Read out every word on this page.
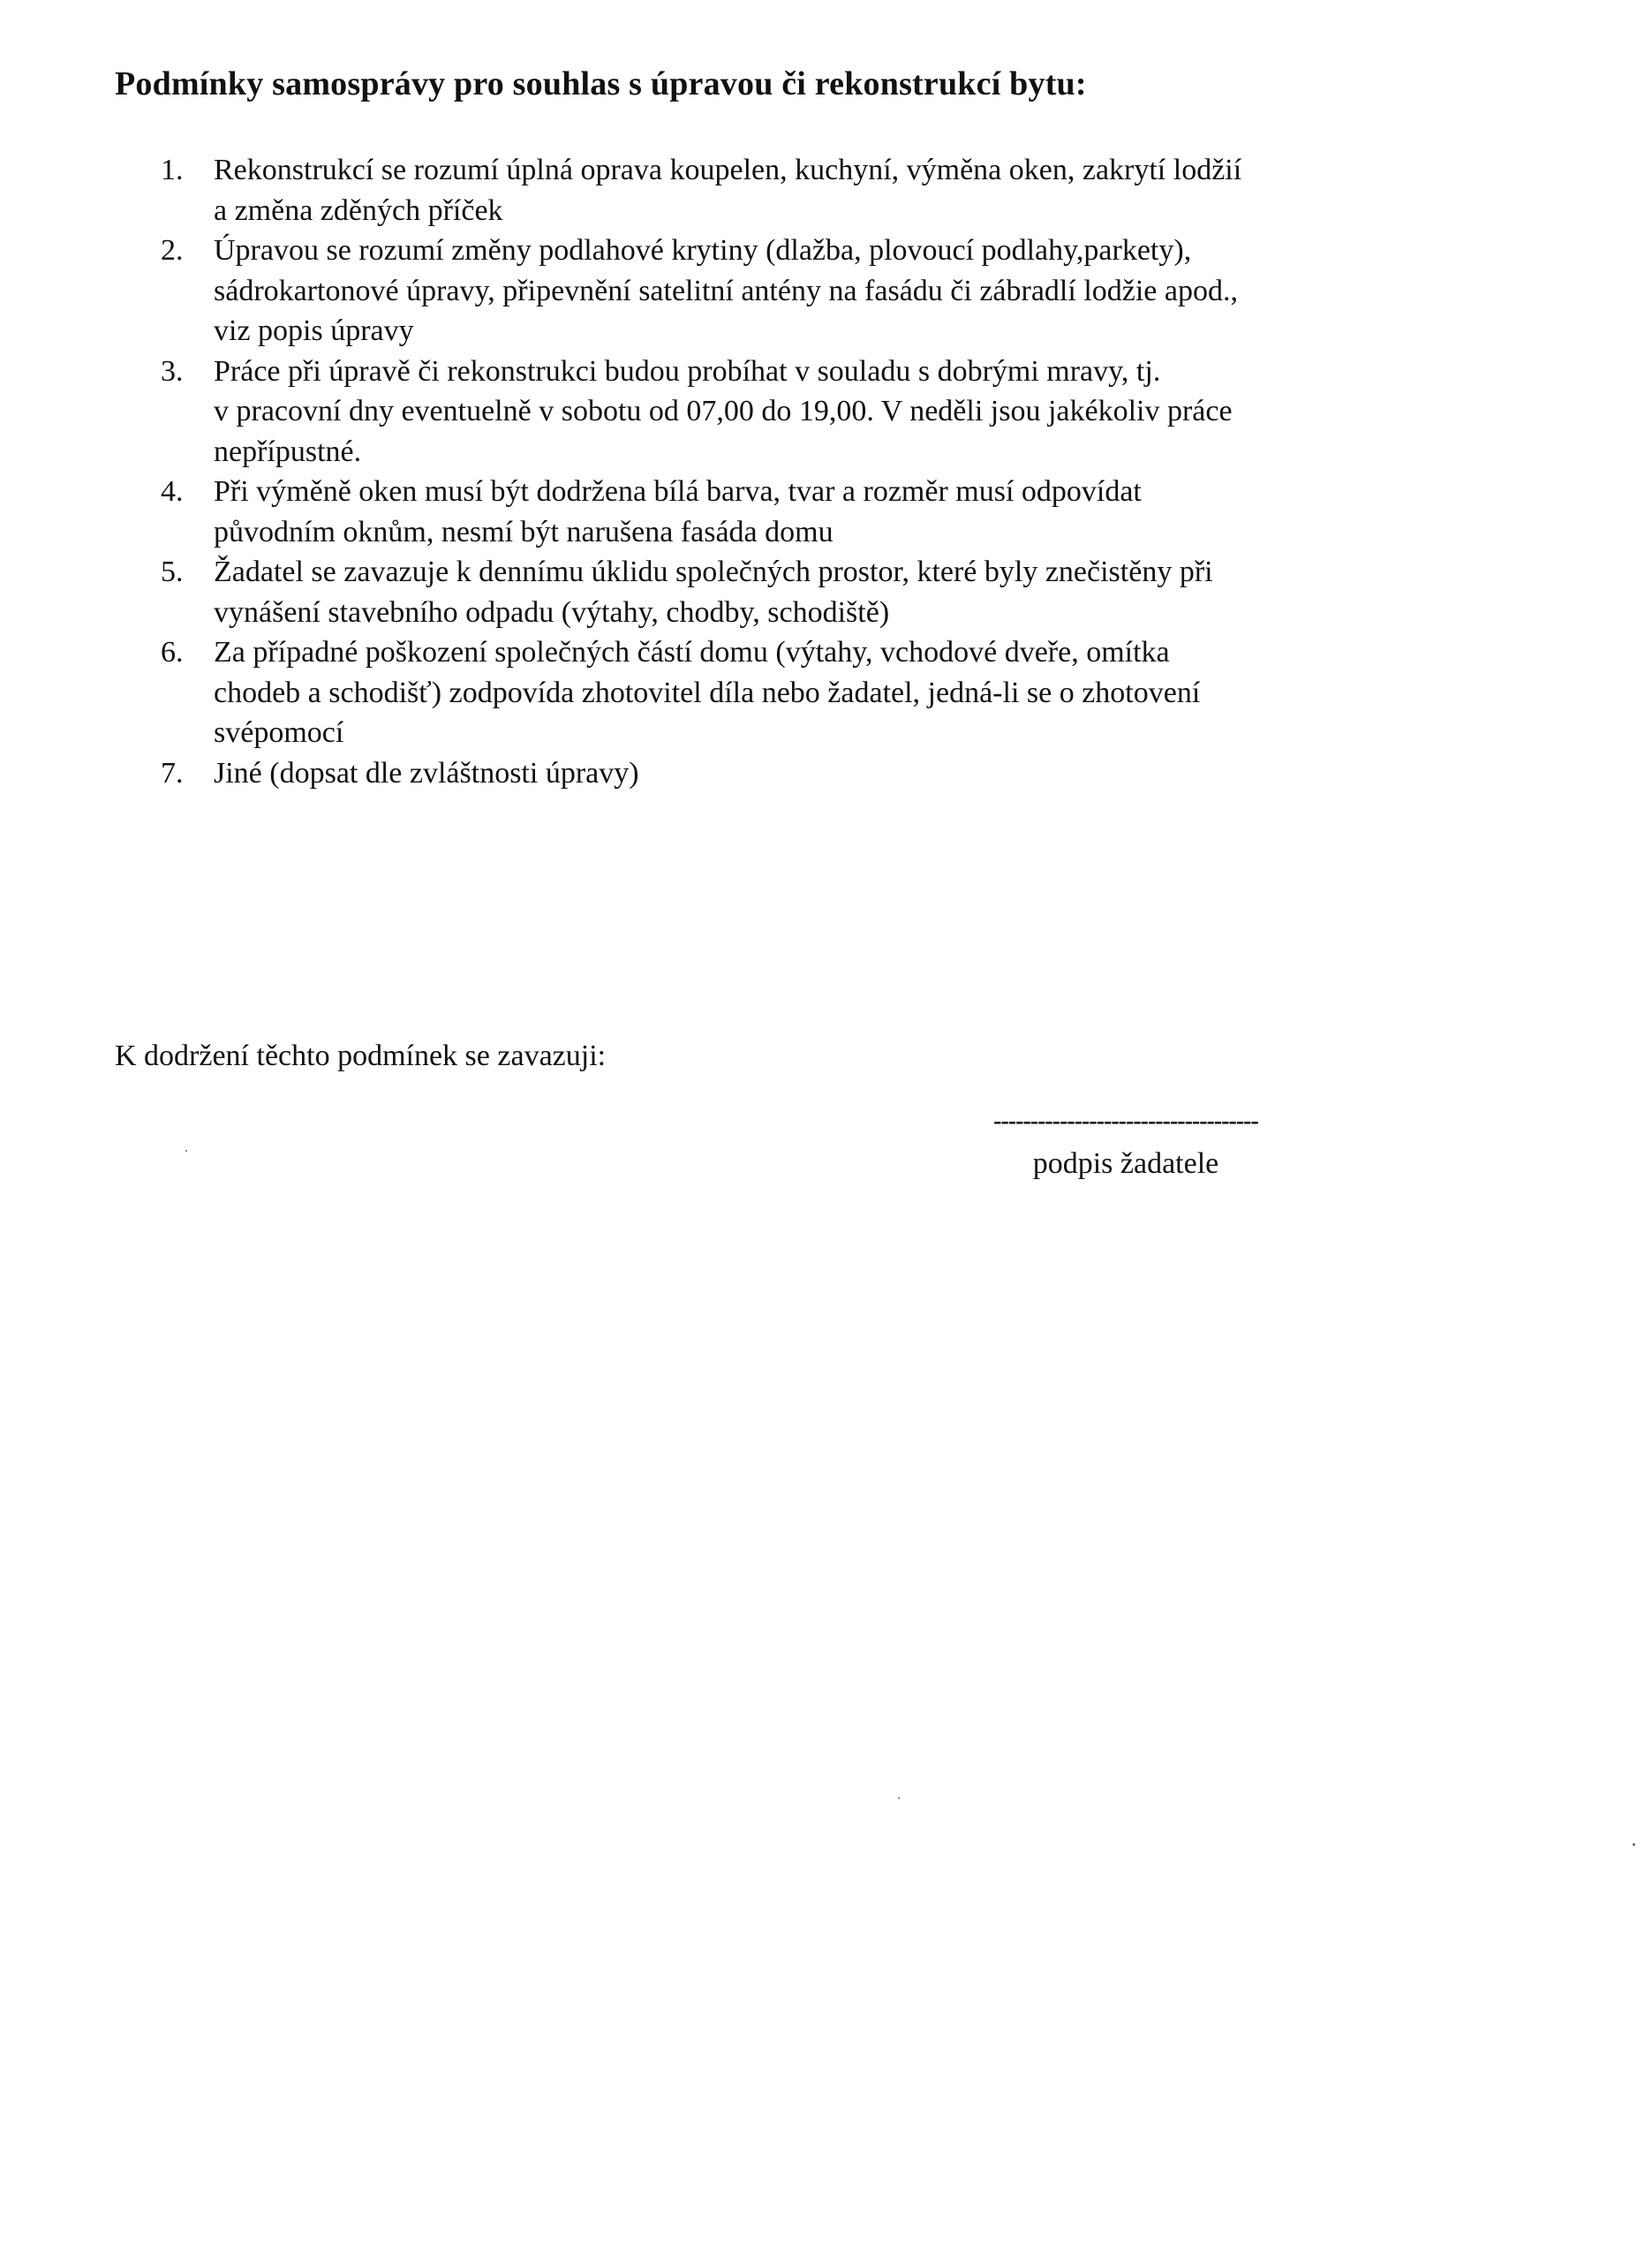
Podmínky samosprávy pro souhlas s úpravou či rekonstrukcí bytu:
1.	Rekonstrukcí se rozumí úplná oprava koupelen, kuchyní, výměna oken, zakrytí lodžií
a změna zděných příček
2.	Úpravou se rozumí změny podlahové krytiny (dlažba, plovoucí podlahy,parkety),
sádrokartonové úpravy, připevnění satelitní antény na fasádu či zábradlí lodžie apod.,
viz popis úpravy
3.	Práce při úpravě či rekonstrukci budou probíhat v souladu s dobrými mravy, tj.
v pracovní dny eventuelně v sobotu od 07,00 do 19,00. V neděli jsou jakékoliv práce
nepřípustné.
4.	Při výměně oken musí být dodržena bílá barva, tvar a rozměr musí odpovídat
původním oknům, nesmí být narušena fasáda domu
5.	Žadatel se zavazuje k dennímu úklidu společných prostor, které byly znečistěny při
vynášení stavebního odpadu (výtahy, chodby, schodiště)
6.	Za případné poškození společných částí domu (výtahy, vchodové dveře, omítka
chodeb a schodišť) zodpovída zhotovitel díla nebo žadatel, jedná-li se o zhotovení
svépomocí
7.	Jiné (dopsat dle zvláštnosti úpravy)

K dodržení těchto podmínek se zavazuji:

------------------------------------
podpis žadatele
